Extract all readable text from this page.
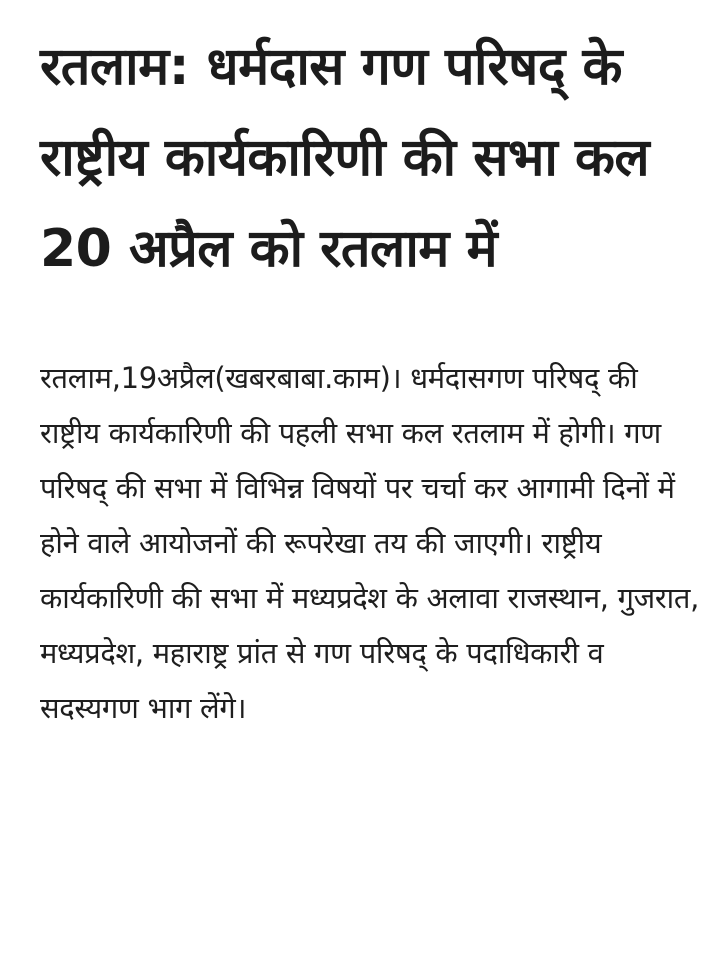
रतलाम: धर्मदास गण परिषद् के राष्ट्रीय कार्यकारिणी की सभा कल 20 अप्रैल को रतलाम में

रतलाम,19अप्रैल(खबरबाबा.काम)। धर्मदासगण परिषद् की राष्ट्रीय कार्यकारिणी की पहली सभा कल रतलाम में होगी। गण परिषद् की सभा में विभिन्न विषयों पर चर्चा कर आगामी दिनों में होने वाले आयोजनों की रूपरेखा तय की जाएगी। राष्ट्रीय कार्यकारिणी की सभा में मध्यप्रदेश के अलावा राजस्थान, गुजरात, मध्यप्रदेश, महाराष्ट्र प्रांत से गण परिषद् के पदाधिकारी व सदस्यगण भाग लेंगे।
